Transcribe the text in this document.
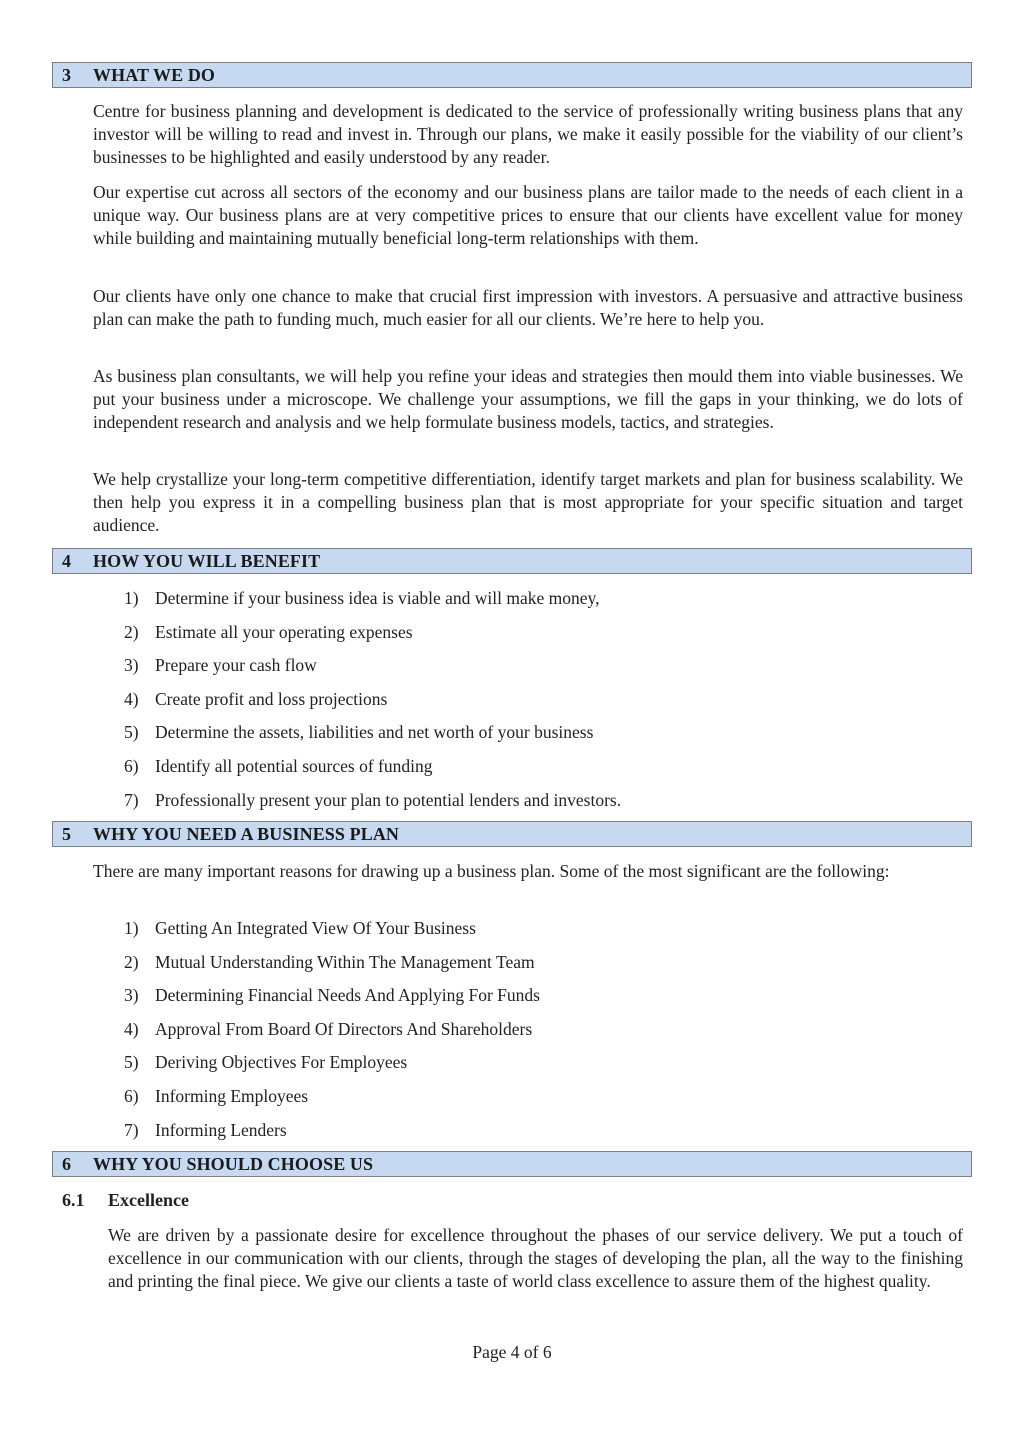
3 WHAT WE DO

Centre for business planning and development is dedicated to the service of professionally writing business plans that any investor will be willing to read and invest in. Through our plans, we make it easily possible for the viability of our client’s businesses to be highlighted and easily understood by any reader.

Our expertise cut across all sectors of the economy and our business plans are tailor made to the needs of each client in a unique way. Our business plans are at very competitive prices to ensure that our clients have excellent value for money while building and maintaining mutually beneficial long-term relationships with them.

Our clients have only one chance to make that crucial first impression with investors. A persuasive and attractive business plan can make the path to funding much, much easier for all our clients. We’re here to help you.

As business plan consultants, we will help you refine your ideas and strategies then mould them into viable businesses. We put your business under a microscope. We challenge your assumptions, we fill the gaps in your thinking, we do lots of independent research and analysis and we help formulate business models, tactics, and strategies.

We help crystallize your long-term competitive differentiation, identify target markets and plan for business scalability. We then help you express it in a compelling business plan that is most appropriate for your specific situation and target audience.

4 HOW YOU WILL BENEFIT
1) Determine if your business idea is viable and will make money,
2) Estimate all your operating expenses
3) Prepare your cash flow
4) Create profit and loss projections
5) Determine the assets, liabilities and net worth of your business
6) Identify all potential sources of funding
7) Professionally present your plan to potential lenders and investors.
5 WHY YOU NEED A BUSINESS PLAN

There are many important reasons for drawing up a business plan. Some of the most significant are the following:

1) Getting An Integrated View Of Your Business
2) Mutual Understanding Within The Management Team
3) Determining Financial Needs And Applying For Funds
4) Approval From Board Of Directors And Shareholders
5) Deriving Objectives For Employees
6) Informing Employees
7) Informing Lenders
6 WHY YOU SHOULD CHOOSE US
6.1 Excellence

We are driven by a passionate desire for excellence throughout the phases of our service delivery. We put a touch of excellence in our communication with our clients, through the stages of developing the plan, all the way to the finishing and printing the final piece. We give our clients a taste of world class excellence to assure them of the highest quality.

Page 4 of 6
